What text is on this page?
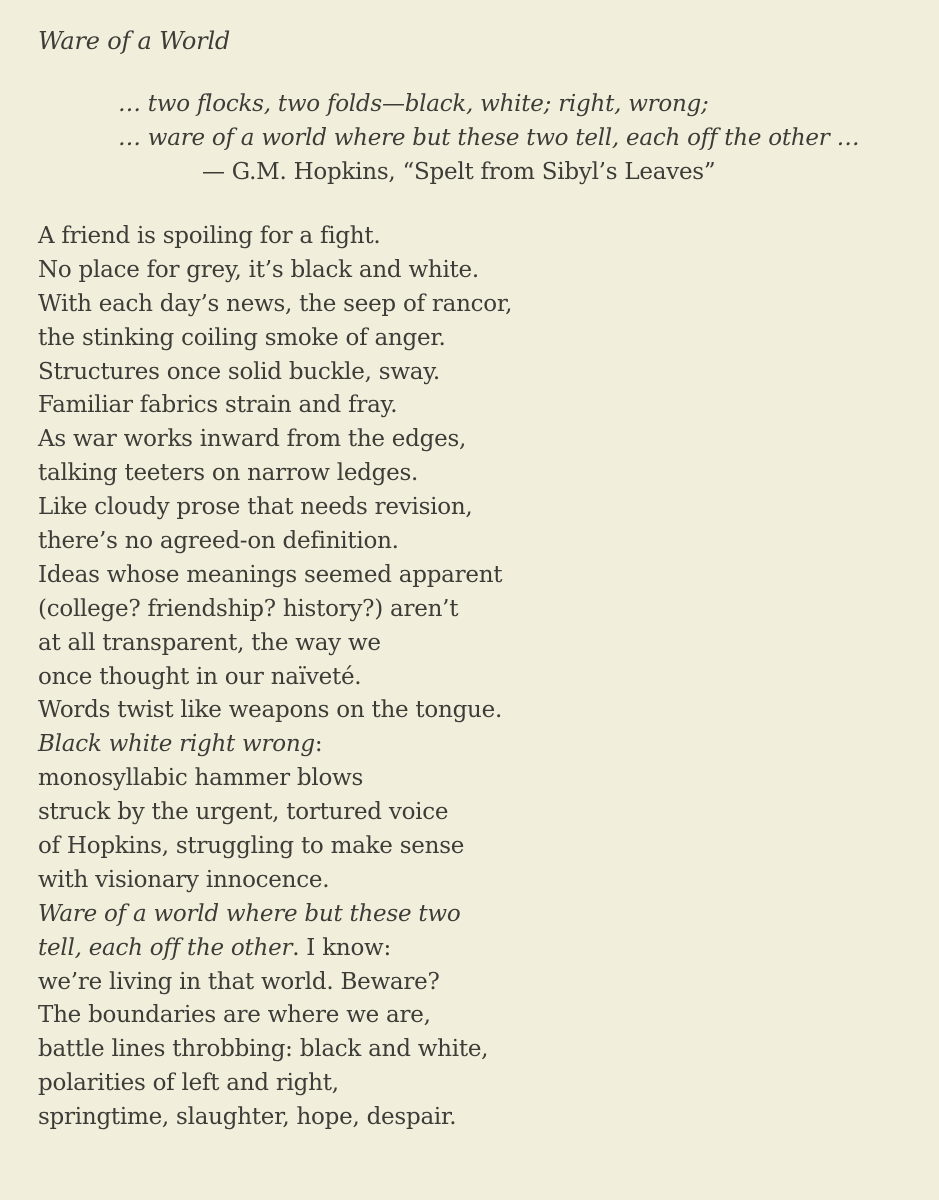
Ware of a World
… two flocks, two folds—black, white; right, wrong;
… ware of a world where but these two tell, each off the other …
— G.M. Hopkins, “Spelt from Sibyl’s Leaves”
A friend is spoiling for a fight.
No place for grey, it’s black and white.
With each day’s news, the seep of rancor,
the stinking coiling smoke of anger.
Structures once solid buckle, sway.
Familiar fabrics strain and fray.
As war works inward from the edges,
talking teeters on narrow ledges.
Like cloudy prose that needs revision,
there’s no agreed-on definition.
Ideas whose meanings seemed apparent
(college? friendship? history?) aren’t
at all transparent, the way we
once thought in our naïveté.
Words twist like weapons on the tongue.
Black white right wrong:
monosyllabic hammer blows
struck by the urgent, tortured voice
of Hopkins, struggling to make sense
with visionary innocence.
Ware of a world where but these two
tell, each off the other. I know:
we’re living in that world. Beware?
The boundaries are where we are,
battle lines throbbing: black and white,
polarities of left and right,
springtime, slaughter, hope, despair.
